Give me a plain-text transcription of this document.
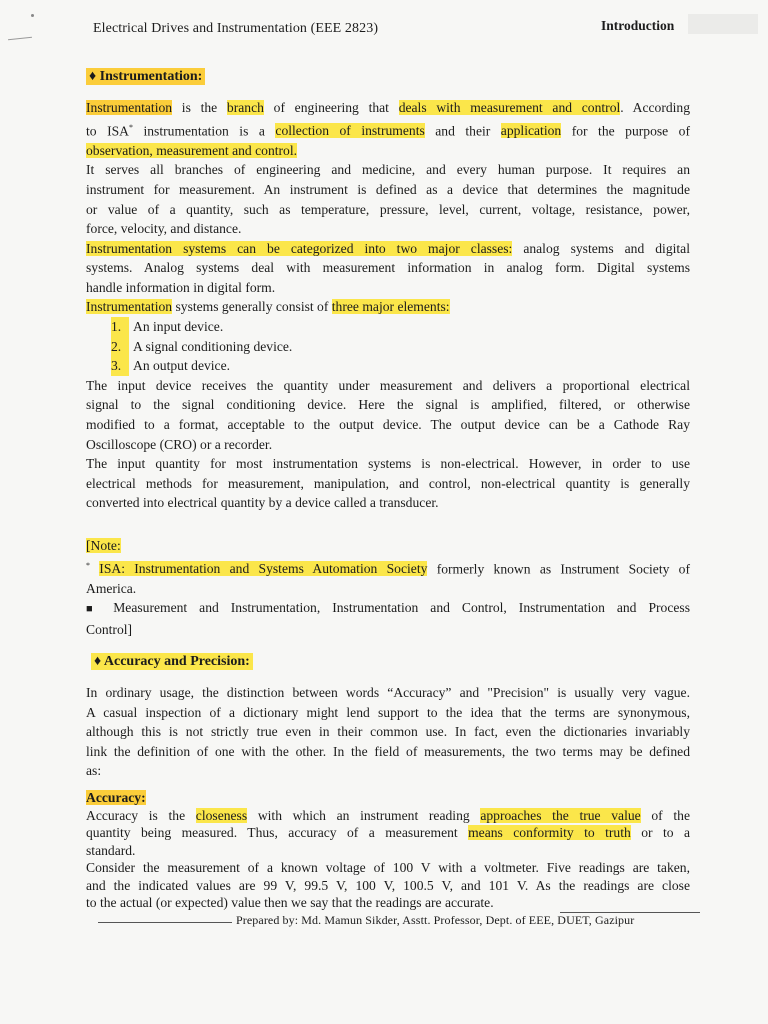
Electrical Drives and Instrumentation (EEE 2823)	Introduction
♦ Instrumentation:
Instrumentation is the branch of engineering that deals with measurement and control. According
to ISA* instrumentation is a collection of instruments and their application for the purpose of
observation, measurement and control.
It serves all branches of engineering and medicine, and every human purpose. It requires an
instrument for measurement. An instrument is defined as a device that determines the magnitude
or value of a quantity, such as temperature, pressure, level, current, voltage, resistance, power,
force, velocity, and distance.
Instrumentation systems can be categorized into two major classes: analog systems and digital
systems. Analog systems deal with measurement information in analog form. Digital systems
handle information in digital form.
Instrumentation systems generally consist of three major elements:
1. An input device.
2. A signal conditioning device.
3. An output device.
The input device receives the quantity under measurement and delivers a proportional electrical
signal to the signal conditioning device. Here the signal is amplified, filtered, or otherwise
modified to a format, acceptable to the output device. The output device can be a Cathode Ray
Oscilloscope (CRO) or a recorder.
The input quantity for most instrumentation systems is non-electrical. However, in order to use
electrical methods for measurement, manipulation, and control, non-electrical quantity is generally
converted into electrical quantity by a device called a transducer.
[Note:
* ISA: Instrumentation and Systems Automation Society formerly known as Instrument Society of
America.
■ Measurement and Instrumentation, Instrumentation and Control, Instrumentation and Process
Control]
♦ Accuracy and Precision:
In ordinary usage, the distinction between words “Accuracy” and "Precision" is usually very vague.
A casual inspection of a dictionary might lend support to the idea that the terms are synonymous,
although this is not strictly true even in their common use. In fact, even the dictionaries invariably
link the definition of one with the other. In the field of measurements, the two terms may be defined
as:
Accuracy:
Accuracy is the closeness with which an instrument reading approaches the true value of the
quantity being measured. Thus, accuracy of a measurement means conformity to truth or to a
standard.
Consider the measurement of a known voltage of 100 V with a voltmeter. Five readings are taken,
and the indicated values are 99 V, 99.5 V, 100 V, 100.5 V, and 101 V. As the readings are close
to the actual (or expected) value then we say that the readings are accurate.
Prepared by: Md. Mamun Sikder, Asstt. Professor, Dept. of EEE, DUET, Gazipur
